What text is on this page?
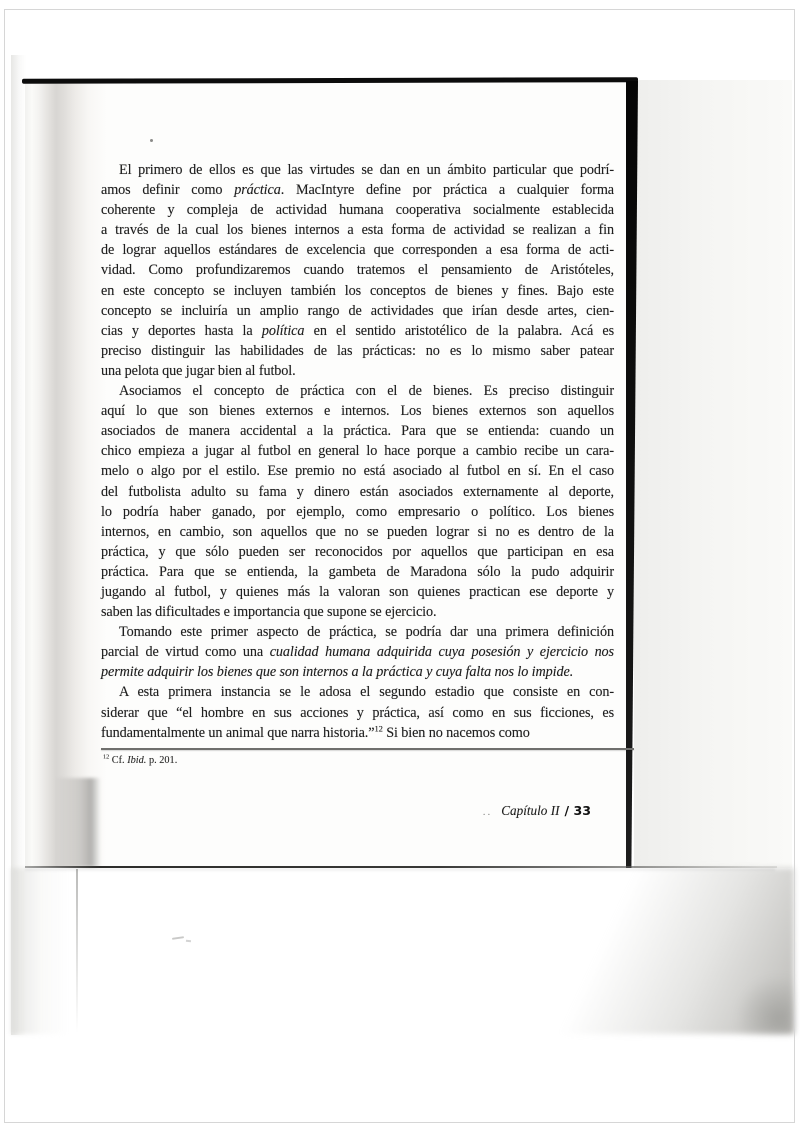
El primero de ellos es que las virtudes se dan en un ámbito particular que podrí-
amos definir como práctica. MacIntyre define por práctica a cualquier forma
coherente y compleja de actividad humana cooperativa socialmente establecida
a través de la cual los bienes internos a esta forma de actividad se realizan a fin
de lograr aquellos estándares de excelencia que corresponden a esa forma de acti-
vidad. Como profundizaremos cuando tratemos el pensamiento de Aristóteles,
en este concepto se incluyen también los conceptos de bienes y fines. Bajo este
concepto se incluiría un amplio rango de actividades que irían desde artes, cien-
cias y deportes hasta la política en el sentido aristotélico de la palabra. Acá es
preciso distinguir las habilidades de las prácticas: no es lo mismo saber patear
una pelota que jugar bien al futbol.
Asociamos el concepto de práctica con el de bienes. Es preciso distinguir
aquí lo que son bienes externos e internos. Los bienes externos son aquellos
asociados de manera accidental a la práctica. Para que se entienda: cuando un
chico empieza a jugar al futbol en general lo hace porque a cambio recibe un cara-
melo o algo por el estilo. Ese premio no está asociado al futbol en sí. En el caso
del futbolista adulto su fama y dinero están asociados externamente al deporte,
lo podría haber ganado, por ejemplo, como empresario o político. Los bienes
internos, en cambio, son aquellos que no se pueden lograr si no es dentro de la
práctica, y que sólo pueden ser reconocidos por aquellos que participan en esa
práctica. Para que se entienda, la gambeta de Maradona sólo la pudo adquirir
jugando al futbol, y quienes más la valoran son quienes practican ese deporte y
saben las dificultades e importancia que supone se ejercicio.
Tomando este primer aspecto de práctica, se podría dar una primera definición
parcial de virtud como una cualidad humana adquirida cuya posesión y ejercicio nos
permite adquirir los bienes que son internos a la práctica y cuya falta nos lo impide.
A esta primera instancia se le adosa el segundo estadio que consiste en con-
siderar que “el hombre en sus acciones y práctica, así como en sus ficciones, es
fundamentalmente un animal que narra historia.”$^{12}$ Si bien no nacemos como
$^{12}$ Cf. Ibid. p. 201.
.. Capítulo II / 33
